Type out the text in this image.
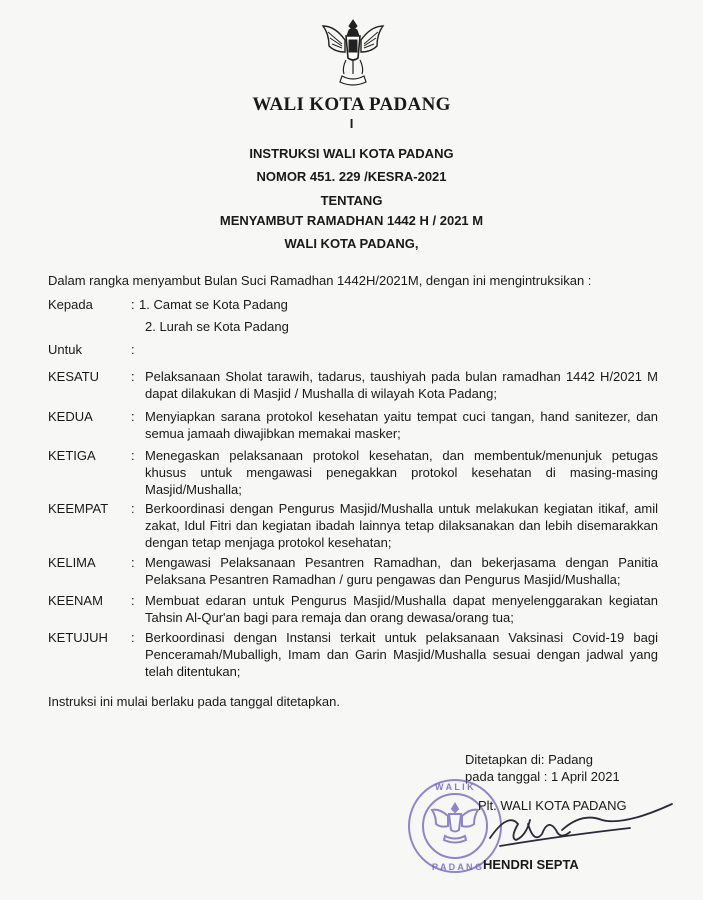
WALI KOTA PADANG
I
INSTRUKSI WALI KOTA PADANG
NOMOR 451. 229 /KESRA-2021
TENTANG
MENYAMBUT RAMADHAN 1442 H / 2021 M
WALI KOTA PADANG,
Dalam rangka menyambut Bulan Suci Ramadhan 1442H/2021M, dengan ini mengintruksikan :
Kepada	: 1. Camat se Kota Padang
2. Lurah se Kota Padang
Untuk	:
KESATU	: Pelaksanaan Sholat tarawih, tadarus, taushiyah pada bulan ramadhan 1442 H/2021 M dapat dilakukan di Masjid / Mushalla di wilayah Kota Padang;
KEDUA	: Menyiapkan sarana protokol kesehatan yaitu tempat cuci tangan, hand sanitezer, dan semua jamaah diwajibkan memakai masker;
KETIGA	: Menegaskan pelaksanaan protokol kesehatan, dan membentuk/menunjuk petugas khusus untuk mengawasi penegakkan protokol kesehatan di masing-masing Masjid/Mushalla;
KEEMPAT	: Berkoordinasi dengan Pengurus Masjid/Mushalla untuk melakukan kegiatan itikaf, amil zakat, Idul Fitri dan kegiatan ibadah lainnya tetap dilaksanakan dan lebih disemarakkan dengan tetap menjaga protokol kesehatan;
KELIMA	: Mengawasi Pelaksanaan Pesantren Ramadhan, dan bekerjasama dengan Panitia Pelaksana Pesantren Ramadhan / guru pengawas dan Pengurus Masjid/Mushalla;
KEENAM	: Membuat edaran untuk Pengurus Masjid/Mushalla dapat menyelenggarakan kegiatan Tahsin Al-Qur'an bagi para remaja dan orang dewasa/orang tua;
KETUJUH	: Berkoordinasi dengan Instansi terkait untuk pelaksanaan Vaksinasi Covid-19 bagi Penceramah/Muballigh, Imam dan Garin Masjid/Mushalla sesuai dengan jadwal yang telah ditentukan;
Instruksi ini mulai berlaku pada tanggal ditetapkan.
Ditetapkan di: Padang
pada tanggal : 1 April 2021
W A L I K
P A D A N G
Plt. WALI KOTA PADANG
HENDRI SEPTA
